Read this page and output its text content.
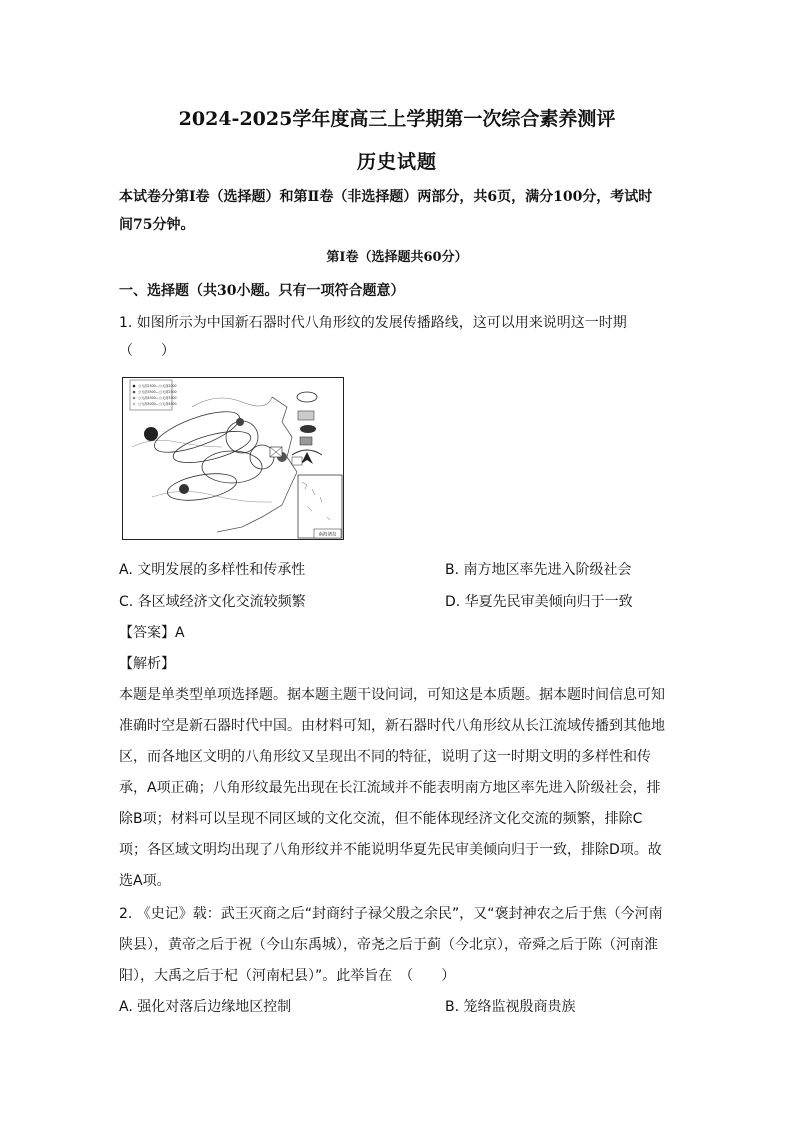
2024-2025学年度高三上学期第一次综合素养测评
历史试题
本试卷分第Ⅰ卷（选择题）和第Ⅱ卷（非选择题）两部分，共6页，满分100分，考试时
间75分钟。
第Ⅰ卷（选择题共60分）
一、选择题（共30小题。只有一项符合题意）
1. 如图所示为中国新石器时代八角形纹的发展传播路线，这可以用来说明这一时期
（　　）
公元前2500—公元前2000
公元前3500—公元前2500
公元前4500—公元前3500
公元前5000—公元前4500
南海诸岛
A. 文明发展的多样性和传承性	B. 南方地区率先进入阶级社会
C. 各区域经济文化交流较频繁	D. 华夏先民审美倾向归于一致
【答案】A
【解析】
本题是单类型单项选择题。据本题主题干设问词，可知这是本质题。据本题时间信息可知
准确时空是新石器时代中国。由材料可知，新石器时代八角形纹从长江流域传播到其他地
区，而各地区文明的八角形纹又呈现出不同的特征，说明了这一时期文明的多样性和传
承，A项正确；八角形纹最先出现在长江流域并不能表明南方地区率先进入阶级社会，排
除B项；材料可以呈现不同区域的文化交流，但不能体现经济文化交流的频繁，排除C
项；各区域文明均出现了八角形纹并不能说明华夏先民审美倾向归于一致，排除D项。故
选A项。
2. 《史记》载：武王灭商之后“封商纣子禄父殷之余民”，又“褒封神农之后于焦（今河南
陕县），黄帝之后于祝（今山东禹城），帝尧之后于蓟（今北京），帝舜之后于陈（河南淮
阳），大禹之后于杞（河南杞县）”。此举旨在　（　　）
A. 强化对落后边缘地区控制	B. 笼络监视殷商贵族
